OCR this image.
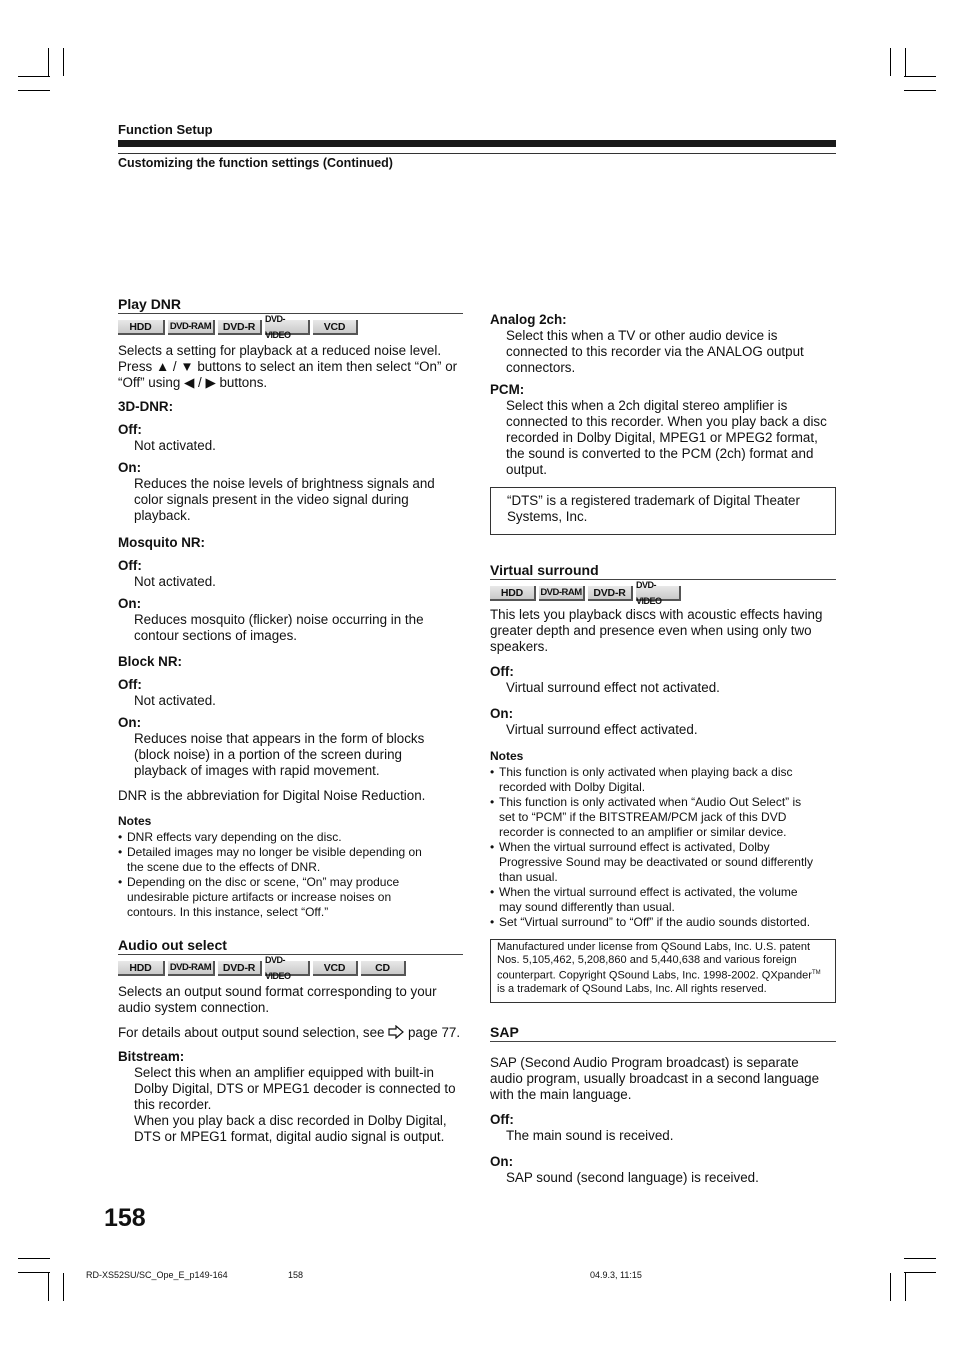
Function Setup
Customizing the function settings (Continued)
Play DNR
HDD	DVD-RAM	DVD-R
DVD-VIDEO
VCD

Selects a setting for playback at a reduced noise level.

Press ▲ / ▼ buttons to select an item then select “On” or

“Off” using ◀ / ▶ buttons.

3D-DNR:

Off:

Not activated.

On:

Reduces the noise levels of brightness signals and

color signals present in the video signal during

playback.

Mosquito NR:

Off:

Not activated.

On:

Reduces mosquito (flicker) noise occurring in the

contour sections of images.

Block NR:

Off:

Not activated.

On:

Reduces noise that appears in the form of blocks

(block noise) in a portion of the screen during

playback of images with rapid movement.

DNR is the abbreviation for Digital Noise Reduction.

Notes

• DNR effects vary depending on the disc.
• Detailed images may no longer be visible depending on
the scene due to the effects of DNR.
• Depending on the disc or scene, “On” may produce
undesirable picture artifacts or increase noises on
contours. In this instance, select “Off.”
Audio out select
HDD	DVD-RAM	DVD-R
DVD-VIDEO
VCD	CD

Selects an output sound format corresponding to your

audio system connection.

For details about output sound selection, see page 77.

Bitstream:

Select this when an amplifier equipped with built-in

Dolby Digital, DTS or MPEG1 decoder is connected to

this recorder.

When you play back a disc recorded in Dolby Digital,

DTS or MPEG1 format, digital audio signal is output.

Analog 2ch:

Select this when a TV or other audio device is

connected to this recorder via the ANALOG output

connectors.

PCM:

Select this when a 2ch digital stereo amplifier is

connected to this recorder. When you play back a disc

recorded in Dolby Digital, MPEG1 or MPEG2 format,

the sound is converted to the PCM (2ch) format and

output.

“DTS” is a registered trademark of Digital Theater

Systems, Inc.

Virtual surround
HDD	DVD-RAM	DVD-R
DVD-VIDEO

This lets you playback discs with acoustic effects having

greater depth and presence even when using only two

speakers.

Off:

Virtual surround effect not activated.

On:

Virtual surround effect activated.

Notes

• This function is only activated when playing back a disc
recorded with Dolby Digital.
• This function is only activated when “Audio Out Select” is
set to “PCM” if the BITSTREAM/PCM jack of this DVD
recorder is connected to an amplifier or similar device.
• When the virtual surround effect is activated, Dolby
Progressive Sound may be deactivated or sound differently
than usual.
• When the virtual surround effect is activated, the volume
may sound differently than usual.
• Set “Virtual surround” to “Off” if the audio sounds distorted.

Manufactured under license from QSound Labs, Inc. U.S. patent

Nos. 5,105,462, 5,208,860 and 5,440,638 and various foreign

counterpart. Copyright QSound Labs, Inc. 1998-2002. QXpander™

is a trademark of QSound Labs, Inc. All rights reserved.

SAP

SAP (Second Audio Program broadcast) is separate

audio program, usually broadcast in a second language

with the main language.

Off:

The main sound is received.

On:

SAP sound (second language) is received.

158
RD-XS52SU/SC_Ope_E_p149-164	158	04.9.3, 11:15
